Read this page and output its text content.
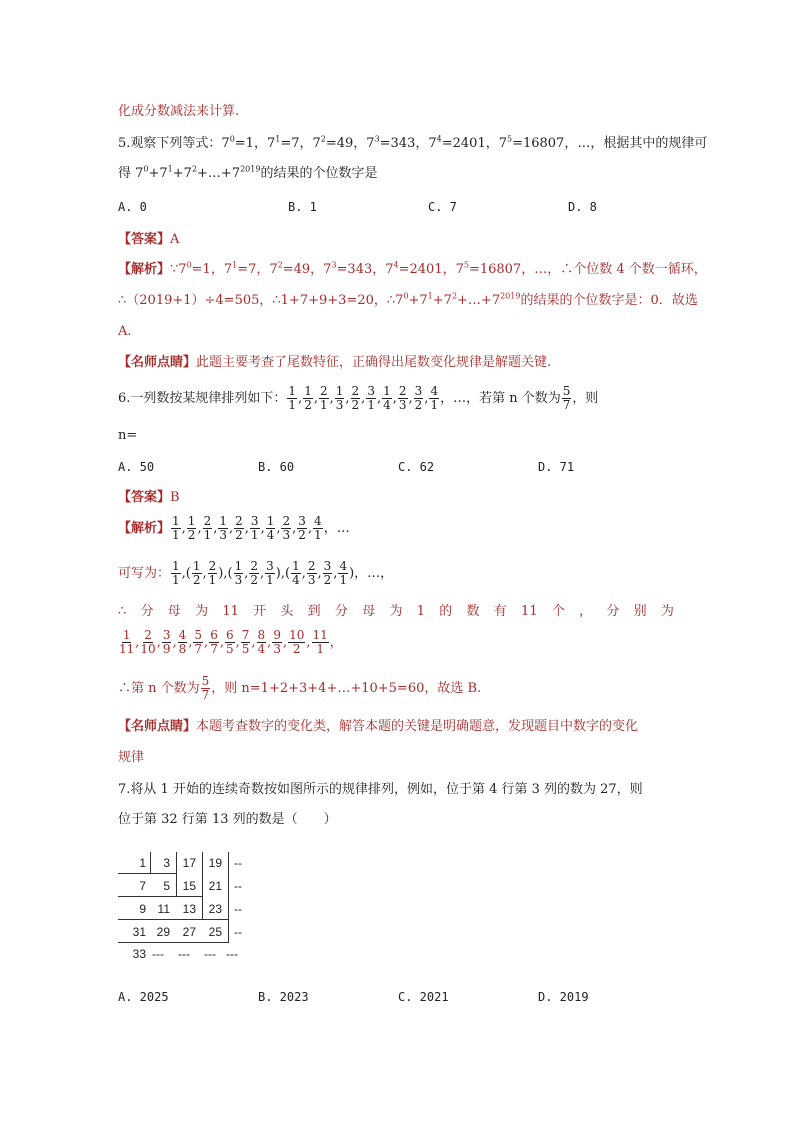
化成分数减法来计算.
5.观察下列等式：$7^0=1$，$7^1=7$，$7^2=49$，$7^3=343$，$7^4=2401$，$7^5=16807$，…，根据其中的规律可
得 $7^0+7^1+7^2+\dots+7^{2019}$的结果的个位数字是
A. 0	B. 1	C. 7	D. 8
【答案】A
【解析】$\because 7^0=1$，$7^1=7$，$7^2=49$，$7^3=343$，$7^4=2401$，$7^5=16807$，…，∴个位数 4 个数一循环，
∴（2019+1）÷4=505，∴1+7+9+3=20，$\therefore 7^0+7^1+7^2+\dots+7^{2019}$的结果的个位数字是：0．故选
A.
【名师点睛】此题主要考查了尾数特征，正确得出尾数变化规律是解题关键.
6.一列数按某规律排列如下： $\frac{1}{1}$ , $\frac{1}{2}$ , $\frac{2}{1}$ , $\frac{1}{3}$ , $\frac{2}{2}$ , $\frac{3}{1}$ , $\frac{1}{4}$ , $\frac{2}{3}$ , $\frac{3}{2}$ , $\frac{4}{1}$ ，…，若第 n 个数为 $\frac{5}{7}$ ，则
n=
A. 50	B. 60	C. 62	D. 71
【答案】B
【解析】 $\frac{1}{1}$ , $\frac{1}{2}$ , $\frac{2}{1}$ , $\frac{1}{3}$ , $\frac{2}{2}$ , $\frac{3}{1}$ , $\frac{1}{4}$ , $\frac{2}{3}$ , $\frac{3}{2}$ , $\frac{4}{1}$ ，…
可写为： $\frac{1}{1}$ ,( $\frac{1}{2}$ , $\frac{2}{1}$ ),( $\frac{1}{3}$ , $\frac{2}{2}$ , $\frac{3}{1}$ ),( $\frac{1}{4}$ , $\frac{2}{3}$ , $\frac{3}{2}$ , $\frac{4}{1}$ )，…，
∴ 分 母 为 11 开 头 到 分 母 为 1 的 数 有 11 个 ， 分 别 为
$\frac{1}{11}$ , $\frac{2}{10}$ , $\frac{3}{9}$ , $\frac{4}{8}$ , $\frac{5}{7}$ , $\frac{6}{7}$ , $\frac{6}{5}$ , $\frac{7}{5}$ , $\frac{8}{4}$ , $\frac{9}{3}$ , $\frac{10}{2}$ , $\frac{11}{1}$ ，
∴第 n 个数为 $\frac{5}{7}$ ，则 n=1+2+3+4+…+10+5=60，故选 B.
【名师点睛】本题考查数字的变化类，解答本题的关键是明确题意，发现题目中数字的变化
规律
7.将从 1 开始的连续奇数按如图所示的规律排列，例如，位于第 4 行第 3 列的数为 27，则
位于第 32 行第 13 列的数是（　　）
1	3	17	19 --
7	5	15	21 --
9 11	13	23 --
31 29	27	25 --
33 ---	---	--- ---
A. 2025	B. 2023	C. 2021	D. 2019
